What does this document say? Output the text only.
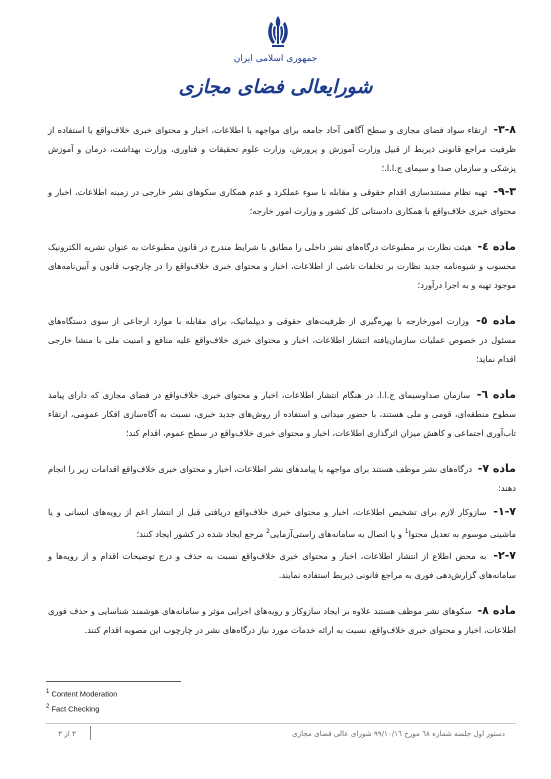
جمهوری اسلامی ایران
شورایعالی فضای مجازی

۳-۸- ارتقاء سواد فضای مجازی و سطح آگاهی آحاد جامعه برای مواجهه با اطلاعات، اخبار و محتوای خبری خلاف‌واقع با استفاده از ظرفیت مراجع قانونی ذیربط از قبیل وزارت آموزش و پرورش، وزارت علوم تحقیقات و فناوری، وزارت بهداشت، درمان و آموزش پزشکی و سازمان صدا و سیمای ج.ا.ا.؛

۹-۳- تهیه نظام مستندسازی اقدام حقوقی و مقابله با سوء عملکرد و عدم همکاری سکوهای نشر خارجی در زمینه اطلاعات، اخبار و محتوای خبری خلاف‌واقع با همکاری دادستانی کل کشور و وزارت امور خارجه؛

ماده ٤- هیئت نظارت بر مطبوعات درگاه‌های نشر داخلی را مطابق با شرایط مندرج در قانون مطبوعات به عنوان نشریه الکترونیک محسوب و شیوه‌نامه جدید نظارت بر تخلفات ناشی از اطلاعات، اخبار و محتوای خبری خلاف‌واقع را در چارچوب قانون و آیین‌نامه‌های موجود تهیه و به اجرا درآورد؛

ماده ٥- وزارت امورخارجه با بهره‌گیری از ظرفیت‌های حقوقی و دیپلماتیک، برای مقابله با موارد ارجاعی از سوی دستگاه‌های مسئول در خصوص عملیات سازمان‌یافته انتشار اطلاعات، اخبار و محتوای خبری خلاف‌واقع علیه منافع و امنیت ملی با منشا خارجی اقدام نماید؛

ماده ٦- سازمان صداوسیمای ج.ا.ا. در هنگام انتشار اطلاعات، اخبار و محتوای خبری خلاف‌واقع در فضای مجازی که دارای پیامد سطوح منطقه‌ای، قومی و ملی هستند، با حضور میدانی و استفاده از روش‌های جدید خبری، نسبت به آگاه‌سازی افکار عمومی، ارتقاء تاب‌آوری اجتماعی و کاهش میزان اثرگذاری اطلاعات، اخبار و محتوای خبری خلاف‌واقع در سطح عموم، اقدام کند؛

ماده ۷- درگاه‌های نشر موظف هستند برای مواجهه با پیامدهای نشر اطلاعات، اخبار و محتوای خبری خلاف‌واقع اقدامات زیر را انجام دهند:

۱-۷- سازوکار لازم برای تشخیص اطلاعات، اخبار و محتوای خبری خلاف‌واقع دریافتی قبل از انتشار اعم از رویه‌های انسانی و یا ماشینی موسوم به تعدیل محتوا$^1$ و یا اتصال به سامانه‌های راستی‌آزمایی$^2$ مرجع ایجاد شده در کشور ایجاد کنند؛

۲-۷- به محض اطلاع از انتشار اطلاعات، اخبار و محتوای خبری خلاف‌واقع نسبت به حذف و درج توضیحات اقدام و از رویه‌ها و سامانه‌های گزارش‌دهی فوری به مراجع قانونی ذیربط استفاده نمایند.

ماده ۸- سکوهای نشر موظف هستند علاوه بر ایجاد سازوکار و رویه‌های اجرایی موثر و سامانه‌های هوشمند شناسایی و حذف فوری اطلاعات، اخبار و محتوای خبری خلاف‌واقع، نسبت به ارائه خدمات مورد نیاز درگاه‌های نشر در چارچوب این مصوبه اقدام کنند.

$^1$ Content Moderation
$^2$ Fact Checking
دستور اول جلسه شماره ٦٨ مورخ ۹۹/۱۰/۱٦ شورای عالی فضای مجازی
۳ از ۳
